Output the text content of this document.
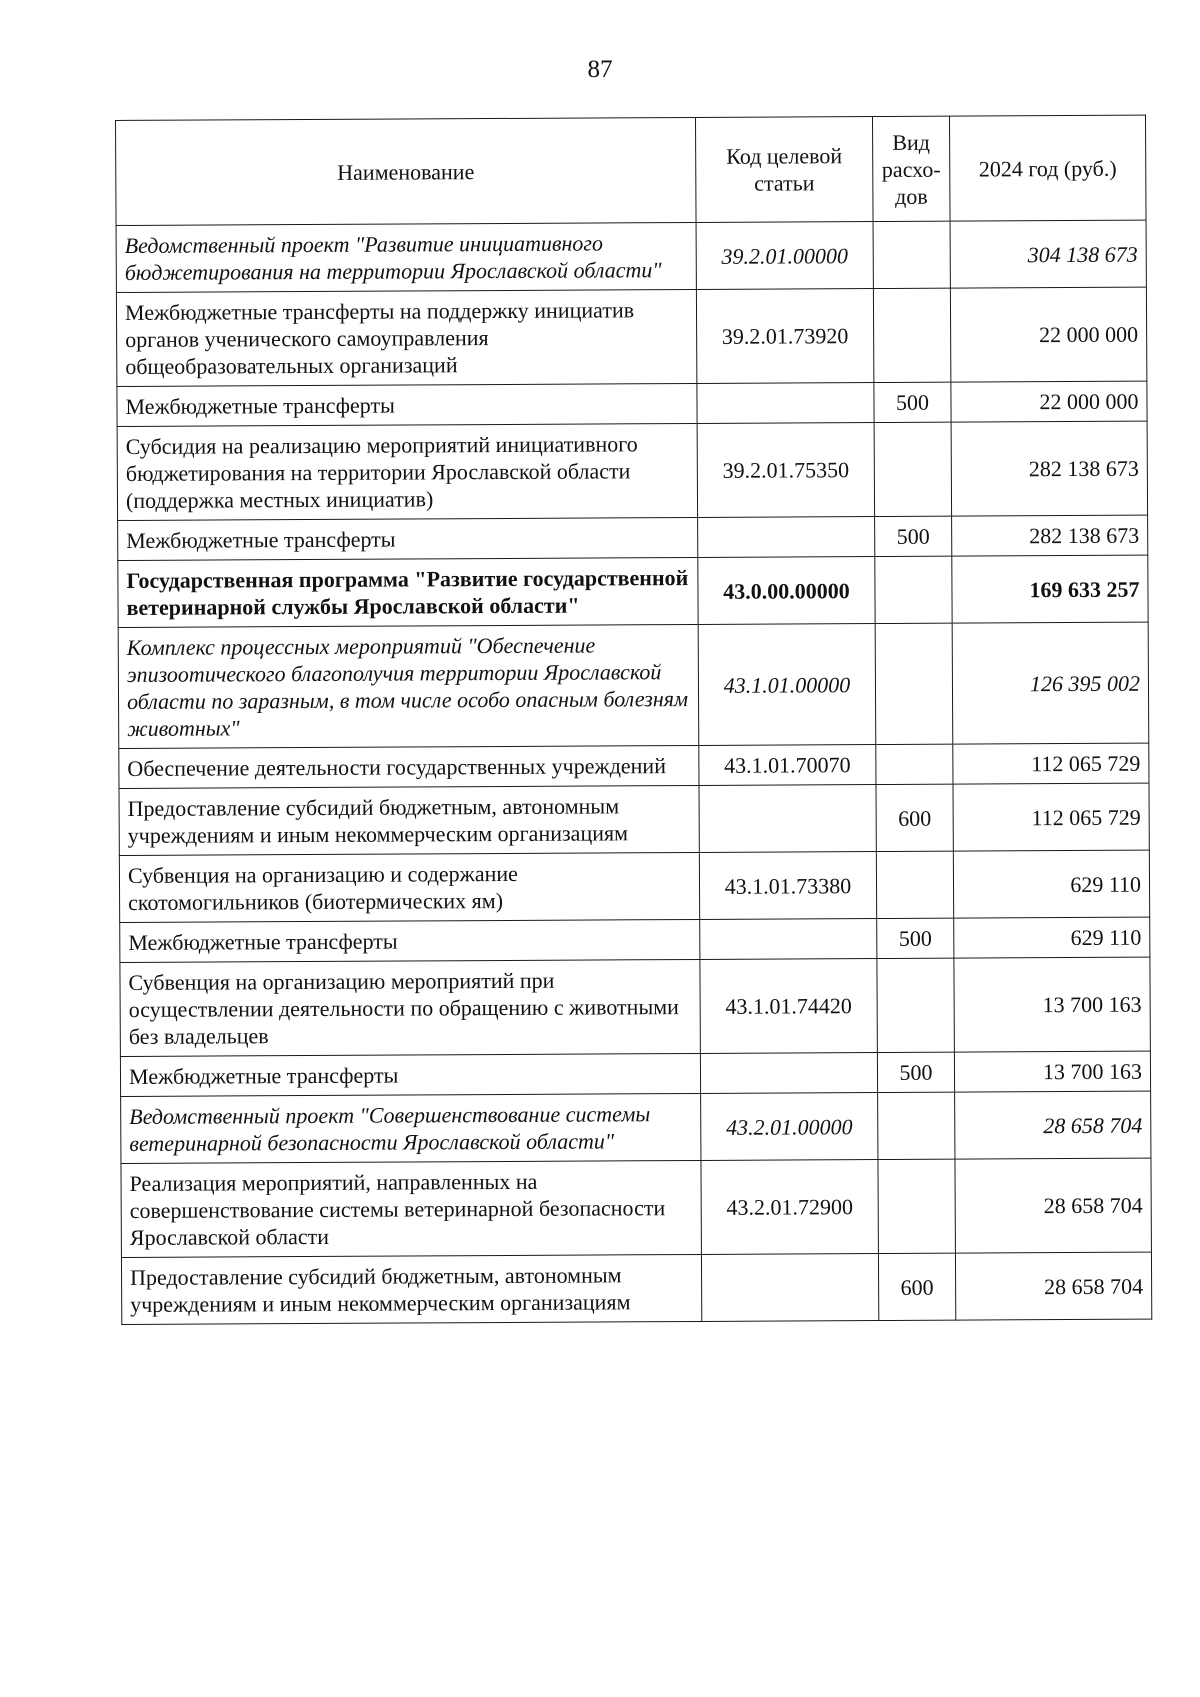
87
Наименование	Код целевой статьи	Вид расхо-дов	2024 год (руб.)
Ведомственный проект "Развитие инициативного бюджетирования на территории Ярославской области"	39.2.01.00000		304 138 673
Межбюджетные трансферты на поддержку инициатив органов ученического самоуправления общеобразовательных организаций	39.2.01.73920		22 000 000
Межбюджетные трансферты		500	22 000 000
Субсидия на реализацию мероприятий инициативного бюджетирования на территории Ярославской области (поддержка местных инициатив)	39.2.01.75350		282 138 673
Межбюджетные трансферты		500	282 138 673
Государственная программа "Развитие государственной ветеринарной службы Ярославской области"	43.0.00.00000		169 633 257
Комплекс процессных мероприятий "Обеспечение эпизоотического благополучия территории Ярославской области по заразным, в том числе особо опасным болезням животных"	43.1.01.00000		126 395 002
Обеспечение деятельности государственных учреждений	43.1.01.70070		112 065 729
Предоставление субсидий бюджетным, автономным учреждениям и иным некоммерческим организациям		600	112 065 729
Субвенция на организацию и содержание скотомогильников (биотермических ям)	43.1.01.73380		629 110
Межбюджетные трансферты		500	629 110
Субвенция на организацию мероприятий при осуществлении деятельности по обращению с животными без владельцев	43.1.01.74420		13 700 163
Межбюджетные трансферты		500	13 700 163
Ведомственный проект "Совершенствование системы ветеринарной безопасности Ярославской области"	43.2.01.00000		28 658 704
Реализация мероприятий, направленных на совершенствование системы ветеринарной безопасности Ярославской области	43.2.01.72900		28 658 704
Предоставление субсидий бюджетным, автономным учреждениям и иным некоммерческим организациям		600	28 658 704
